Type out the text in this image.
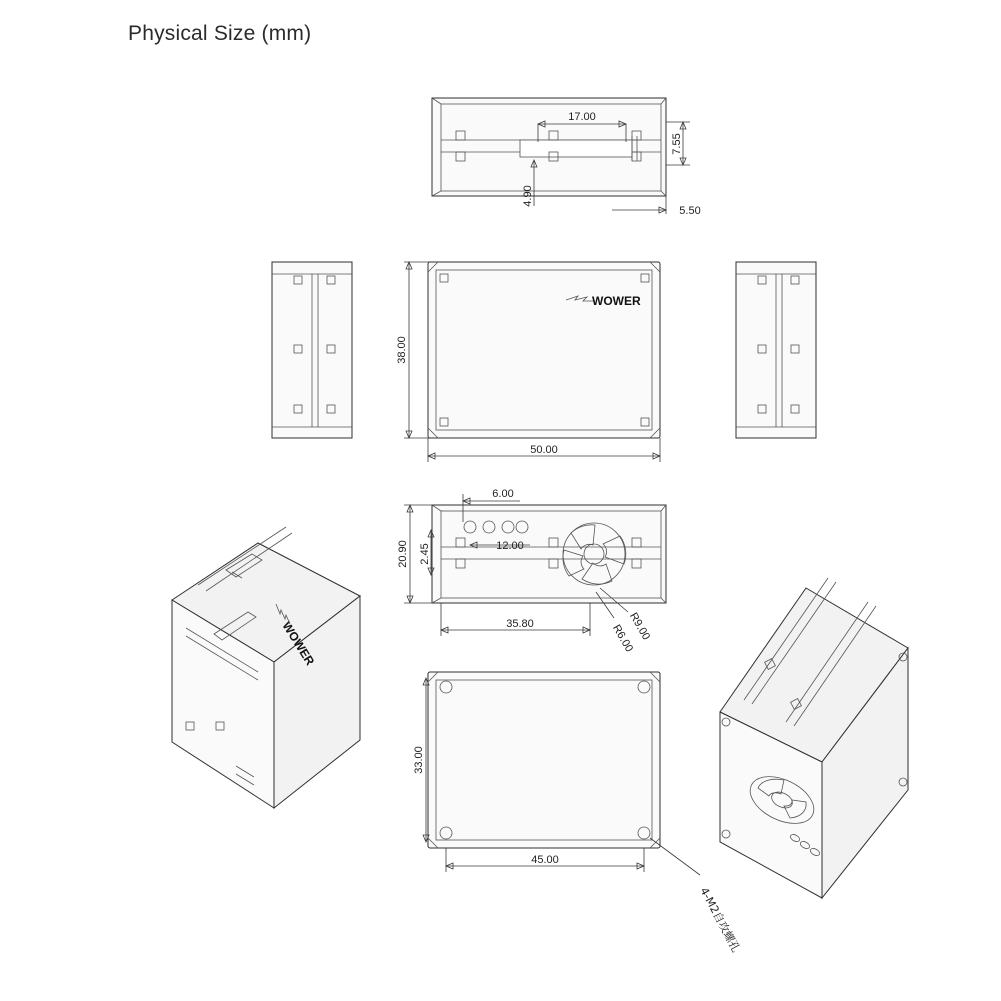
Physical Size (mm)
17.00
7.55
4.90
5.50
WOWER
38.00
50.00
6.00
12.00
20.90 2.45
35.80	R9.00
R6.00
33.00
45.00
4-M2自攻螺孔
WOWER
